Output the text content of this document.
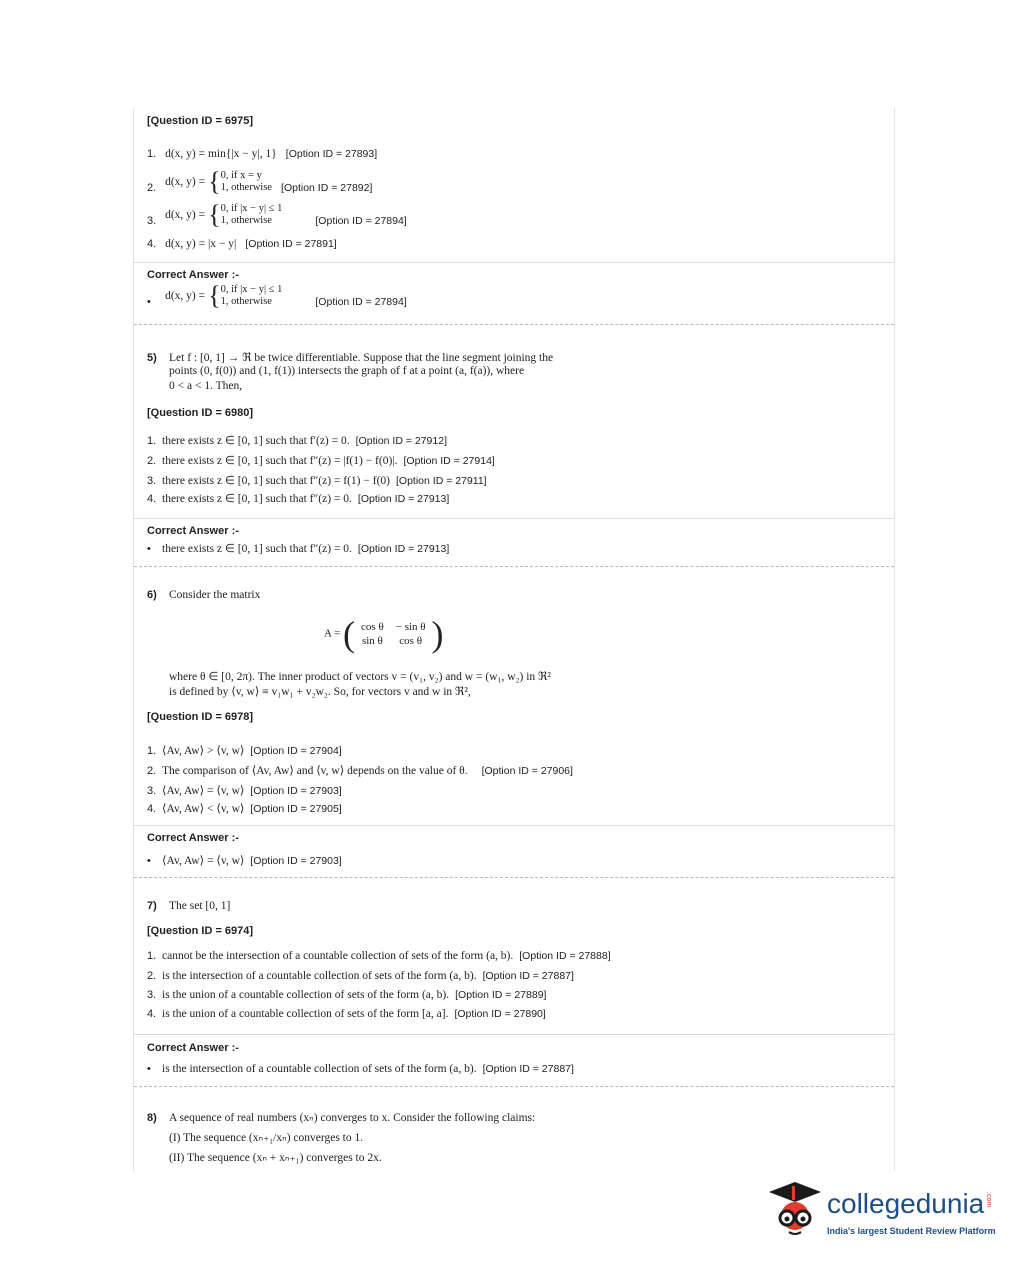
[Question ID = 6975]
1. d(x, y) = min{|x − y|, 1} [Option ID = 27893]
2. d(x, y) = {0, if x = y
1, otherwise [Option ID = 27892]
3. d(x, y) = {0, if |x − y| ≤ 1
1, otherwise	[Option ID = 27894]
4. d(x, y) = |x − y| [Option ID = 27891]
Correct Answer :-
• d(x, y) = {0, if |x − y| ≤ 1
1, otherwise	[Option ID = 27894]
5) Let f : [0, 1] → ℜ be twice differentiable. Suppose that the line segment joining the
points (0, f(0)) and (1, f(1)) intersects the graph of f at a point (a, f(a)), where
0 < a < 1. Then,
[Question ID = 6980]
1. there exists z ∈ [0, 1] such that f′(z) = 0. [Option ID = 27912]
2. there exists z ∈ [0, 1] such that f″(z) = |f(1) − f(0)|. [Option ID = 27914]
3. there exists z ∈ [0, 1] such that f″(z) = f(1) − f(0) [Option ID = 27911]
4. there exists z ∈ [0, 1] such that f″(z) = 0. [Option ID = 27913]
Correct Answer :-
• there exists z ∈ [0, 1] such that f″(z) = 0. [Option ID = 27913]
6) Consider the matrix
A = ( cos θ	− sin θ
sin θ	cos θ )
where θ ∈ [0, 2π). The inner product of vectors v = (v₁, v₂) and w = (w₁, w₂) in ℜ²
is defined by ⟨v, w⟩ ≡ v₁w₁ + v₂w₂. So, for vectors v and w in ℜ²,
[Question ID = 6978]
1. ⟨Av, Aw⟩ > ⟨v, w⟩ [Option ID = 27904]
2. The comparison of ⟨Av, Aw⟩ and ⟨v, w⟩ depends on the value of θ. [Option ID = 27906]
3. ⟨Av, Aw⟩ = ⟨v, w⟩ [Option ID = 27903]
4. ⟨Av, Aw⟩ < ⟨v, w⟩ [Option ID = 27905]
Correct Answer :-
• ⟨Av, Aw⟩ = ⟨v, w⟩ [Option ID = 27903]
7) The set [0, 1]
[Question ID = 6974]
1. cannot be the intersection of a countable collection of sets of the form (a, b). [Option ID = 27888]
2. is the intersection of a countable collection of sets of the form (a, b). [Option ID = 27887]
3. is the union of a countable collection of sets of the form (a, b). [Option ID = 27889]
4. is the union of a countable collection of sets of the form [a, a]. [Option ID = 27890]
Correct Answer :-
• is the intersection of a countable collection of sets of the form (a, b). [Option ID = 27887]
8) A sequence of real numbers (xₙ) converges to x. Consider the following claims:
(I) The sequence (xₙ₊₁/xₙ) converges to 1.
(II) The sequence (xₙ + xₙ₊₁) converges to 2x.
collegedunia .com
India's largest Student Review Platform
